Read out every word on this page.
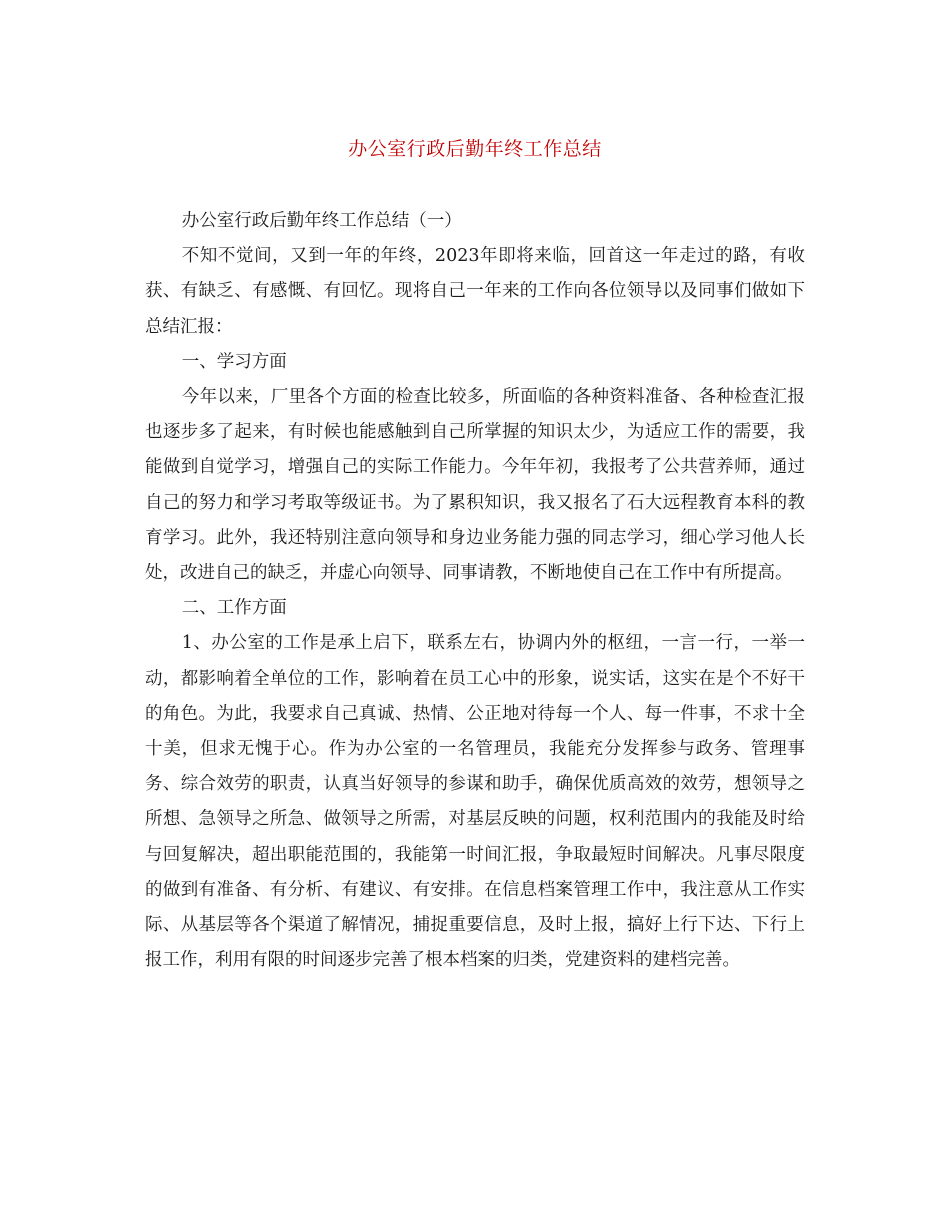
办公室行政后勤年终工作总结

办公室行政后勤年终工作总结（一）

不知不觉间，又到一年的年终，2023年即将来临，回首这一年走过的路，有收获、有缺乏、有感慨、有回忆。现将自己一年来的工作向各位领导以及同事们做如下总结汇报：

一、学习方面

今年以来，厂里各个方面的检查比较多，所面临的各种资料准备、各种检查汇报也逐步多了起来，有时候也能感触到自己所掌握的知识太少，为适应工作的需要，我能做到自觉学习，增强自己的实际工作能力。今年年初，我报考了公共营养师，通过自己的努力和学习考取等级证书。为了累积知识，我又报名了石大远程教育本科的教育学习。此外，我还特别注意向领导和身边业务能力强的同志学习，细心学习他人长处，改进自己的缺乏，并虚心向领导、同事请教，不断地使自己在工作中有所提高。

二、工作方面

1、办公室的工作是承上启下，联系左右，协调内外的枢纽，一言一行，一举一动，都影响着全单位的工作，影响着在员工心中的形象，说实话，这实在是个不好干的角色。为此，我要求自己真诚、热情、公正地对待每一个人、每一件事，不求十全十美，但求无愧于心。作为办公室的一名管理员，我能充分发挥参与政务、管理事务、综合效劳的职责，认真当好领导的参谋和助手，确保优质高效的效劳，想领导之所想、急领导之所急、做领导之所需，对基层反映的问题，权利范围内的我能及时给与回复解决，超出职能范围的，我能第一时间汇报，争取最短时间解决。凡事尽限度的做到有准备、有分析、有建议、有安排。在信息档案管理工作中，我注意从工作实际、从基层等各个渠道了解情况，捕捉重要信息，及时上报，搞好上行下达、下行上报工作，利用有限的时间逐步完善了根本档案的归类，党建资料的建档完善。
